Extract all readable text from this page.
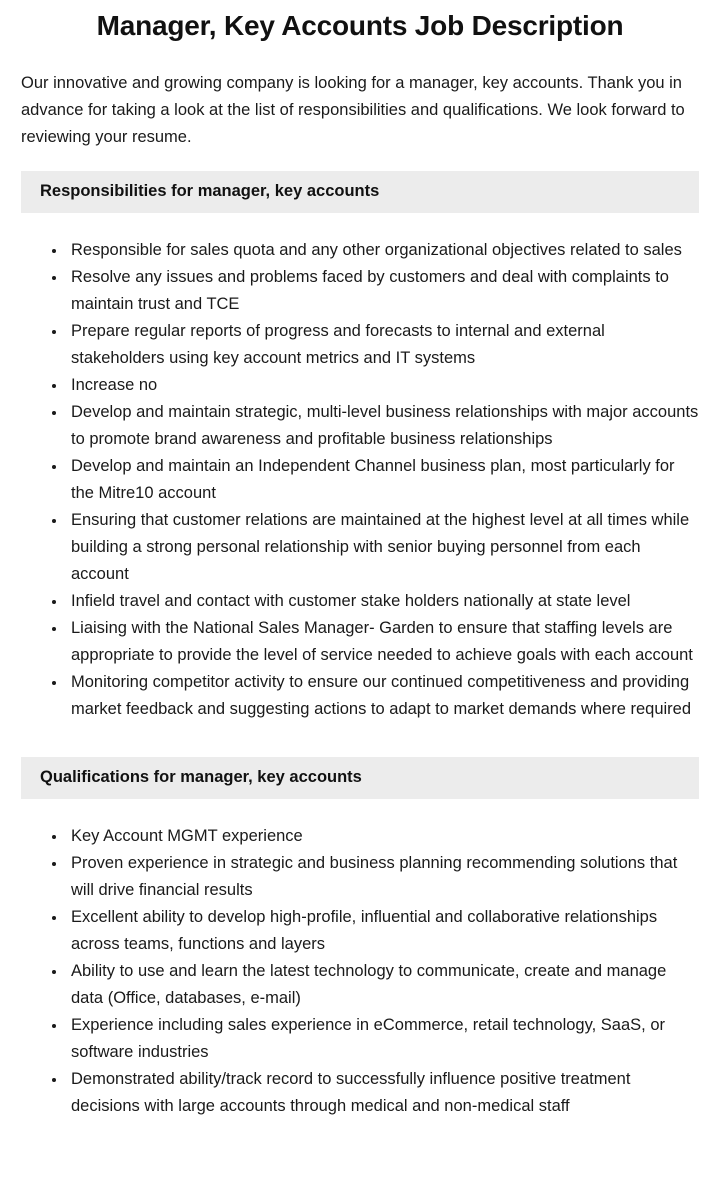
Manager, Key Accounts Job Description

Our innovative and growing company is looking for a manager, key accounts. Thank you in advance for taking a look at the list of responsibilities and qualifications. We look forward to reviewing your resume.

Responsibilities for manager, key accounts
• Responsible for sales quota and any other organizational objectives related to sales
• Resolve any issues and problems faced by customers and deal with complaints to maintain trust and TCE
• Prepare regular reports of progress and forecasts to internal and external stakeholders using key account metrics and IT systems
• Increase no
• Develop and maintain strategic, multi-level business relationships with major accounts to promote brand awareness and profitable business relationships
• Develop and maintain an Independent Channel business plan, most particularly for the Mitre10 account
• Ensuring that customer relations are maintained at the highest level at all times while building a strong personal relationship with senior buying personnel from each account
• Infield travel and contact with customer stake holders nationally at state level
• Liaising with the National Sales Manager- Garden to ensure that staffing levels are appropriate to provide the level of service needed to achieve goals with each account
• Monitoring competitor activity to ensure our continued competitiveness and providing market feedback and suggesting actions to adapt to market demands where required
Qualifications for manager, key accounts
• Key Account MGMT experience
• Proven experience in strategic and business planning recommending solutions that will drive financial results
• Excellent ability to develop high-profile, influential and collaborative relationships across teams, functions and layers
• Ability to use and learn the latest technology to communicate, create and manage data (Office, databases, e-mail)
• Experience including sales experience in eCommerce, retail technology, SaaS, or software industries
• Demonstrated ability/track record to successfully influence positive treatment decisions with large accounts through medical and non-medical staff
